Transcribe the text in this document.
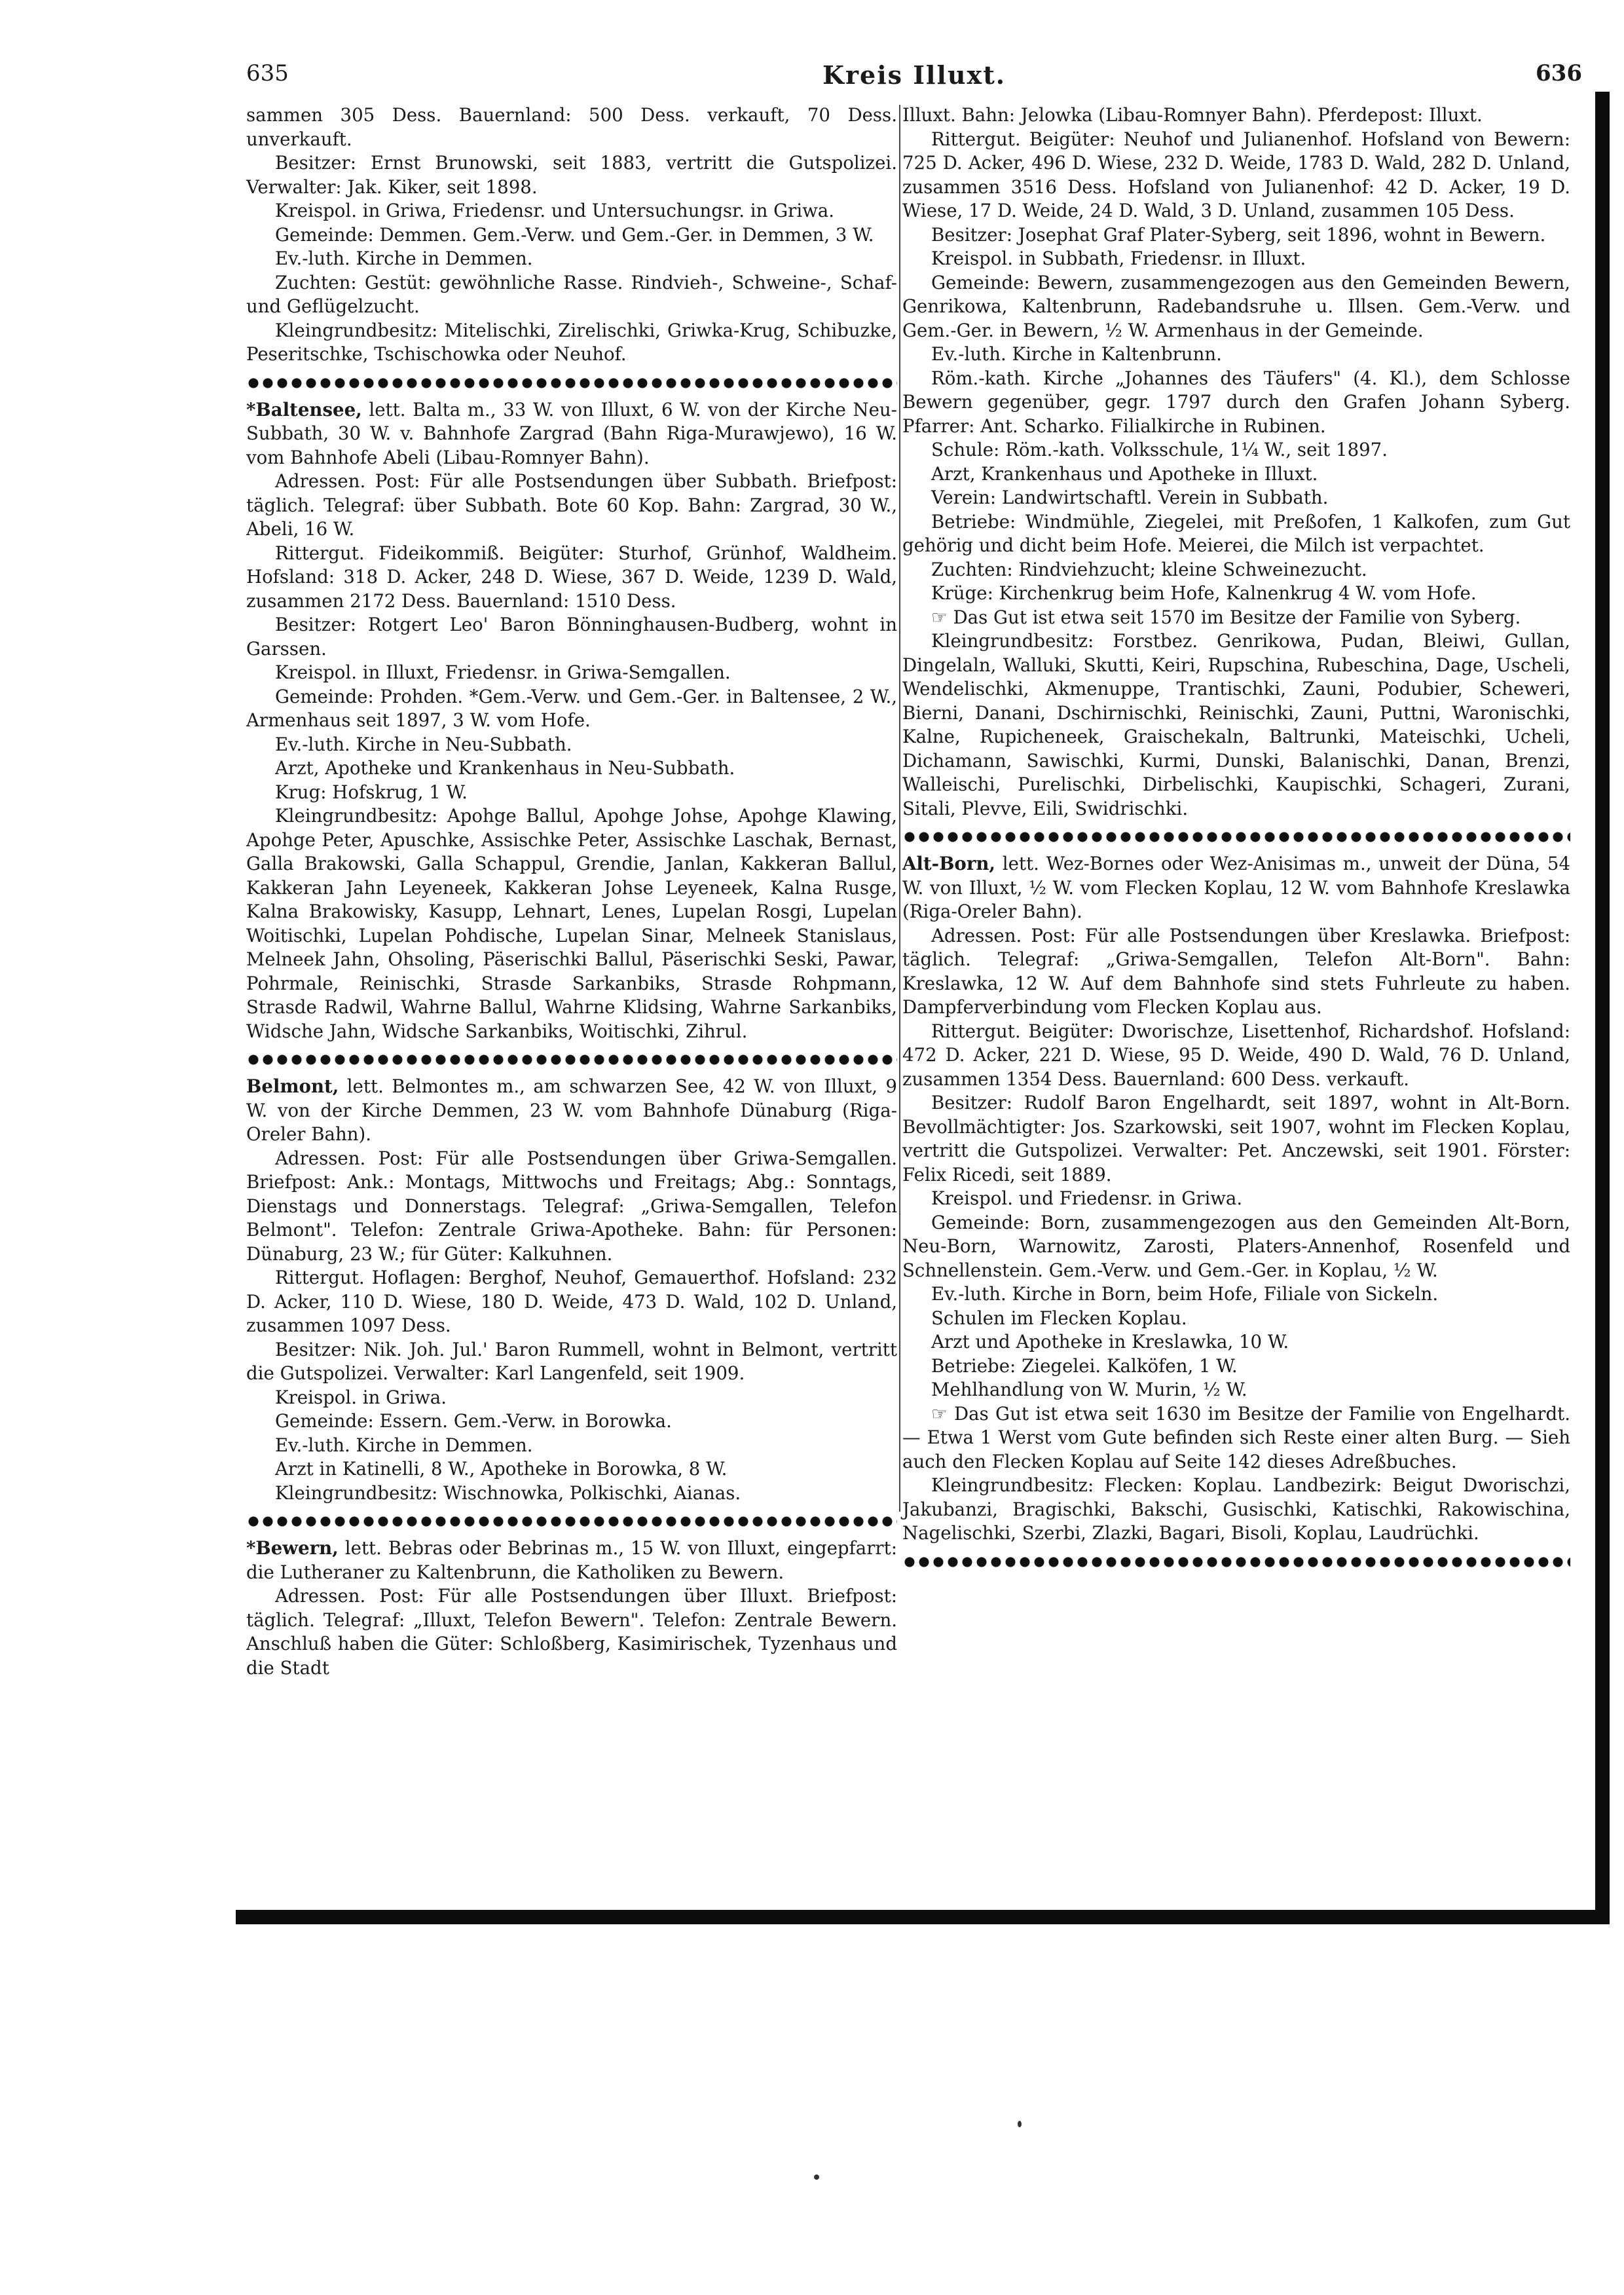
635	Kreis Illuxt.	636

sammen 305 Dess. Bauernland: 500 Dess. verkauft, 70 Dess. unverkauft.

Besitzer: Ernst Brunowski, seit 1883, vertritt die Gutspolizei. Verwalter: Jak. Kiker, seit 1898.

Kreispol. in Griwa, Friedensr. und Untersuchungsr. in Griwa.

Gemeinde: Demmen. Gem.-Verw. und Gem.-Ger. in Demmen, 3 W.

Ev.-luth. Kirche in Demmen.

Zuchten: Gestüt: gewöhnliche Rasse. Rindvieh-, Schweine-, Schaf- und Geflügelzucht.

Kleingrundbesitz: Mitelischki, Zirelischki, Griwka-Krug, Schibuzke, Peseritschke, Tschischowka oder Neuhof.

*Baltensee, lett. Balta m., 33 W. von Illuxt, 6 W. von der Kirche Neu-Subbath, 30 W. v. Bahnhofe Zargrad (Bahn Riga-Murawjewo), 16 W. vom Bahnhofe Abeli (Libau-Romnyer Bahn).

Adressen. Post: Für alle Postsendungen über Subbath. Briefpost: täglich. Telegraf: über Subbath. Bote 60 Kop. Bahn: Zargrad, 30 W., Abeli, 16 W.

Rittergut. Fideikommiß. Beigüter: Sturhof, Grünhof, Waldheim. Hofsland: 318 D. Acker, 248 D. Wiese, 367 D. Weide, 1239 D. Wald, zusammen 2172 Dess. Bauernland: 1510 Dess.

Besitzer: Rotgert Leo' Baron Bönninghausen-Budberg, wohnt in Garssen.

Kreispol. in Illuxt, Friedensr. in Griwa-Semgallen.

Gemeinde: Prohden. *Gem.-Verw. und Gem.-Ger. in Baltensee, 2 W., Armenhaus seit 1897, 3 W. vom Hofe.

Ev.-luth. Kirche in Neu-Subbath.

Arzt, Apotheke und Krankenhaus in Neu-Subbath.

Krug: Hofskrug, 1 W.

Kleingrundbesitz: Apohge Ballul, Apohge Johse, Apohge Klawing, Apohge Peter, Apuschke, Assischke Peter, Assischke Laschak, Bernast, Galla Brakowski, Galla Schappul, Grendie, Janlan, Kakkeran Ballul, Kakkeran Jahn Leyeneek, Kakkeran Johse Leyeneek, Kalna Rusge, Kalna Brakowisky, Kasupp, Lehnart, Lenes, Lupelan Rosgi, Lupelan Woitischki, Lupelan Pohdische, Lupelan Sinar, Melneek Stanislaus, Melneek Jahn, Ohsoling, Päserischki Ballul, Päserischki Seski, Pawar, Pohrmale, Reinischki, Strasde Sarkanbiks, Strasde Rohpmann, Strasde Radwil, Wahrne Ballul, Wahrne Klidsing, Wahrne Sarkanbiks, Widsche Jahn, Widsche Sarkanbiks, Woitischki, Zihrul.

Belmont, lett. Belmontes m., am schwarzen See, 42 W. von Illuxt, 9 W. von der Kirche Demmen, 23 W. vom Bahnhofe Dünaburg (Riga-Oreler Bahn).

Adressen. Post: Für alle Postsendungen über Griwa-Semgallen. Briefpost: Ank.: Montags, Mittwochs und Freitags; Abg.: Sonntags, Dienstags und Donnerstags. Telegraf: „Griwa-Semgallen, Telefon Belmont". Telefon: Zentrale Griwa-Apotheke. Bahn: für Personen: Dünaburg, 23 W.; für Güter: Kalkuhnen.

Rittergut. Hoflagen: Berghof, Neuhof, Gemauerthof. Hofsland: 232 D. Acker, 110 D. Wiese, 180 D. Weide, 473 D. Wald, 102 D. Unland, zusammen 1097 Dess.

Besitzer: Nik. Joh. Jul.' Baron Rummell, wohnt in Belmont, vertritt die Gutspolizei. Verwalter: Karl Langenfeld, seit 1909.

Kreispol. in Griwa.

Gemeinde: Essern. Gem.-Verw. in Borowka.

Ev.-luth. Kirche in Demmen.

Arzt in Katinelli, 8 W., Apotheke in Borowka, 8 W.

Kleingrundbesitz: Wischnowka, Polkischki, Aianas.

*Bewern, lett. Bebras oder Bebrinas m., 15 W. von Illuxt, eingepfarrt: die Lutheraner zu Kaltenbrunn, die Katholiken zu Bewern.

Adressen. Post: Für alle Postsendungen über Illuxt. Briefpost: täglich. Telegraf: „Illuxt, Telefon Bewern". Telefon: Zentrale Bewern. Anschluß haben die Güter: Schloßberg, Kasimirischek, Tyzenhaus und die Stadt

Illuxt. Bahn: Jelowka (Libau-Romnyer Bahn). Pferdepost: Illuxt.

Rittergut. Beigüter: Neuhof und Julianenhof. Hofsland von Bewern: 725 D. Acker, 496 D. Wiese, 232 D. Weide, 1783 D. Wald, 282 D. Unland, zusammen 3516 Dess. Hofsland von Julianenhof: 42 D. Acker, 19 D. Wiese, 17 D. Weide, 24 D. Wald, 3 D. Unland, zusammen 105 Dess.

Besitzer: Josephat Graf Plater-Syberg, seit 1896, wohnt in Bewern.

Kreispol. in Subbath, Friedensr. in Illuxt.

Gemeinde: Bewern, zusammengezogen aus den Gemeinden Bewern, Genrikowa, Kaltenbrunn, Radebandsruhe u. Illsen. Gem.-Verw. und Gem.-Ger. in Bewern, ½ W. Armenhaus in der Gemeinde.

Ev.-luth. Kirche in Kaltenbrunn.

Röm.-kath. Kirche „Johannes des Täufers" (4. Kl.), dem Schlosse Bewern gegenüber, gegr. 1797 durch den Grafen Johann Syberg. Pfarrer: Ant. Scharko. Filialkirche in Rubinen.

Schule: Röm.-kath. Volksschule, 1¼ W., seit 1897.

Arzt, Krankenhaus und Apotheke in Illuxt.

Verein: Landwirtschaftl. Verein in Subbath.

Betriebe: Windmühle, Ziegelei, mit Preßofen, 1 Kalkofen, zum Gut gehörig und dicht beim Hofe. Meierei, die Milch ist verpachtet.

Zuchten: Rindviehzucht; kleine Schweinezucht.

Krüge: Kirchenkrug beim Hofe, Kalnenkrug 4 W. vom Hofe.

☞ Das Gut ist etwa seit 1570 im Besitze der Familie von Syberg.

Kleingrundbesitz: Forstbez. Genrikowa, Pudan, Bleiwi, Gullan, Dingelaln, Walluki, Skutti, Keiri, Rupschina, Rubeschina, Dage, Uscheli, Wendelischki, Akmenuppe, Trantischki, Zauni, Podubier, Scheweri, Bierni, Danani, Dschirnischki, Reinischki, Zauni, Puttni, Waronischki, Kalne, Rupicheneek, Graischekaln, Baltrunki, Mateischki, Ucheli, Dichamann, Sawischki, Kurmi, Dunski, Balanischki, Danan, Brenzi, Walleischi, Purelischki, Dirbelischki, Kaupischki, Schageri, Zurani, Sitali, Plevve, Eili, Swidrischki.

Alt-Born, lett. Wez-Bornes oder Wez-Anisimas m., unweit der Düna, 54 W. von Illuxt, ½ W. vom Flecken Koplau, 12 W. vom Bahnhofe Kreslawka (Riga-Oreler Bahn).

Adressen. Post: Für alle Postsendungen über Kreslawka. Briefpost: täglich. Telegraf: „Griwa-Semgallen, Telefon Alt-Born". Bahn: Kreslawka, 12 W. Auf dem Bahnhofe sind stets Fuhrleute zu haben. Dampferverbindung vom Flecken Koplau aus.

Rittergut. Beigüter: Dworischze, Lisettenhof, Richardshof. Hofsland: 472 D. Acker, 221 D. Wiese, 95 D. Weide, 490 D. Wald, 76 D. Unland, zusammen 1354 Dess. Bauernland: 600 Dess. verkauft.

Besitzer: Rudolf Baron Engelhardt, seit 1897, wohnt in Alt-Born. Bevollmächtigter: Jos. Szarkowski, seit 1907, wohnt im Flecken Koplau, vertritt die Gutspolizei. Verwalter: Pet. Anczewski, seit 1901. Förster: Felix Ricedi, seit 1889.

Kreispol. und Friedensr. in Griwa.

Gemeinde: Born, zusammengezogen aus den Gemeinden Alt-Born, Neu-Born, Warnowitz, Zarosti, Platers-Annenhof, Rosenfeld und Schnellenstein. Gem.-Verw. und Gem.-Ger. in Koplau, ½ W.

Ev.-luth. Kirche in Born, beim Hofe, Filiale von Sickeln.

Schulen im Flecken Koplau.

Arzt und Apotheke in Kreslawka, 10 W.

Betriebe: Ziegelei. Kalköfen, 1 W.

Mehlhandlung von W. Murin, ½ W.

☞ Das Gut ist etwa seit 1630 im Besitze der Familie von Engelhardt. — Etwa 1 Werst vom Gute befinden sich Reste einer alten Burg. — Sieh auch den Flecken Koplau auf Seite 142 dieses Adreßbuches.

Kleingrundbesitz: Flecken: Koplau. Landbezirk: Beigut Dworischzi, Jakubanzi, Bragischki, Bakschi, Gusischki, Katischki, Rakowischina, Nagelischki, Szerbi, Zlazki, Bagari, Bisoli, Koplau, Laudrüchki.
